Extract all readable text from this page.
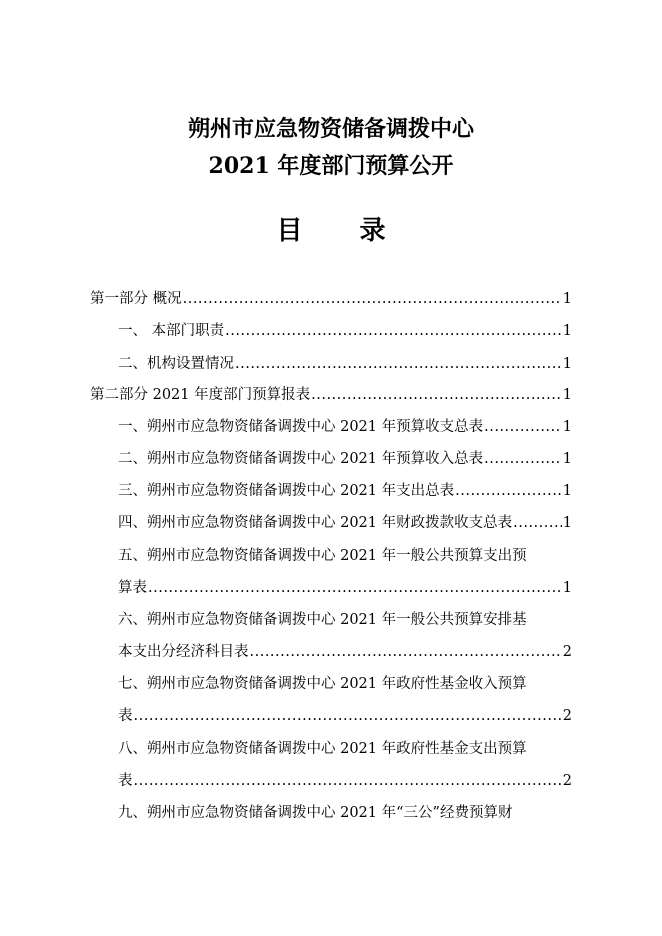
朔州市应急物资储备调拨中心
2021 年度部门预算公开
目 录
第一部分 概况 .....	1
一、 本部门职责 .....	1
二、机构设置情况 .....	1
第二部分 2021 年度部门预算报表 .....	1
一、朔州市应急物资储备调拨中心 2021 年预算收支总表 .....	1
二、朔州市应急物资储备调拨中心 2021 年预算收入总表 .....	1
三、朔州市应急物资储备调拨中心 2021 年支出总表 .....	1
四、朔州市应急物资储备调拨中心 2021 年财政拨款收支总表 .....	1
五、朔州市应急物资储备调拨中心 2021 年一般公共预算支出预
算表 .....	1
六、朔州市应急物资储备调拨中心 2021 年一般公共预算安排基
本支出分经济科目表 .....	2
七、朔州市应急物资储备调拨中心 2021 年政府性基金收入预算
表 .....	2
八、朔州市应急物资储备调拨中心 2021 年政府性基金支出预算
表 .....	2
九、朔州市应急物资储备调拨中心 2021 年“三公”经费预算财
